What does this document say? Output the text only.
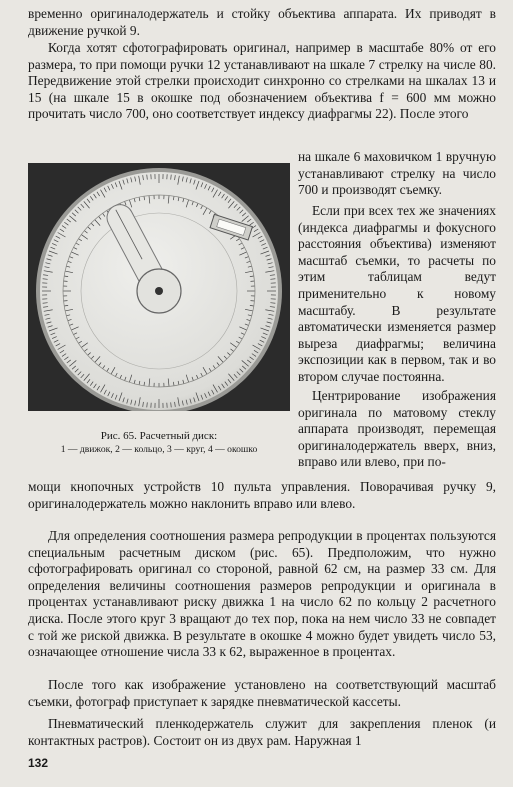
временно оригиналодержатель и стойку объектива аппарата. Их приводят в движение ручкой 9.

Когда хотят сфотографировать оригинал, например в масштабе 80% от его размера, то при помощи ручки 12 устанавливают на шкале 7 стрелку на числе 80. Передвижение этой стрелки происходит синхронно со стрелками на шкалах 13 и 15 (на шкале 15 в окошке под обозначением объектива f = 600 мм можно прочитать число 700, оно соответствует индексу диафрагмы 22). После этого

на шкале 6 маховичком 1 вручную устанавливают стрелку на число 700 и производят съемку.

Если при всех тех же значениях (индекса диафрагмы и фокусного расстояния объектива) изменяют масштаб съемки, то расчеты по этим таблицам ведут применительно к новому масштабу. В результате автоматически изменяется размер выреза диафрагмы; величина экспозиции как в первом, так и во втором случае постоянна.

Центрирование изображения оригинала по матовому стеклу аппарата производят, перемещая оригиналодержатель вверх, вниз, вправо или влево, при по-

Рис. 65. Расчетный диск:
1 — движок, 2 — кольцо, 3 — круг, 4 — окошко

мощи кнопочных устройств 10 пульта управления. Поворачивая ручку 9, оригиналодержатель можно наклонить вправо или влево.

Для определения соотношения размера репродукции в процентах пользуются специальным расчетным диском (рис. 65). Предположим, что нужно сфотографировать оригинал со стороной, равной 62 см, на размер 33 см. Для определения величины соотношения размеров репродукции и оригинала в процентах устанавливают риску движка 1 на число 62 по кольцу 2 расчетного диска. После этого круг 3 вращают до тех пор, пока на нем число 33 не совпадет с той же риской движка. В результате в окошке 4 можно будет увидеть число 53, означающее отношение числа 33 к 62, выраженное в процентах.

После того как изображение установлено на соответствующий масштаб съемки, фотограф приступает к зарядке пневматической кассеты.

Пневматический пленкодержатель служит для закрепления пленок (и контактных растров). Состоит он из двух рам. Наружная 1

132
